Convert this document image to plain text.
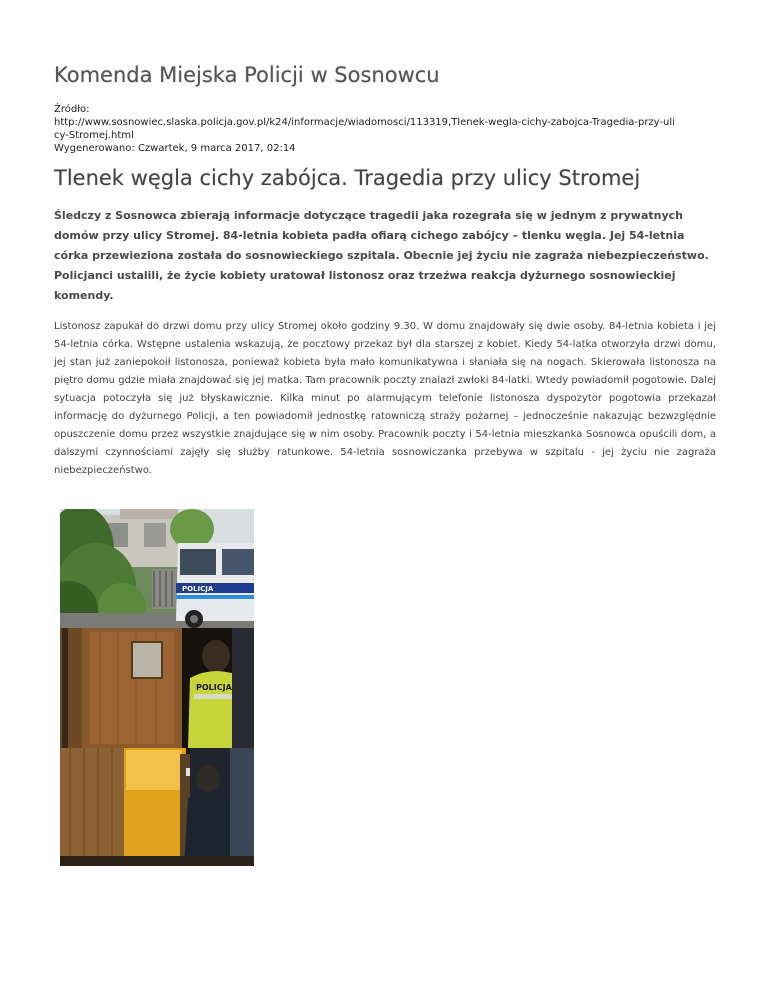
Komenda Miejska Policji w Sosnowcu
Źródło:
http://www.sosnowiec.slaska.policja.gov.pl/k24/informacje/wiadomosci/113319,Tlenek-wegla-cichy-zabojca-Tragedia-przy-uli
cy-Stromej.html
Wygenerowano: Czwartek, 9 marca 2017, 02:14
Tlenek węgla cichy zabójca. Tragedia przy ulicy Stromej

Śledczy z Sosnowca zbierają informacje dotyczące tragedii jaka rozegrała się w jednym z prywatnych domów przy ulicy Stromej. 84-letnia kobieta padła ofiarą cichego zabójcy – tlenku węgla. Jej 54-letnia córka przewieziona została do sosnowieckiego szpitala. Obecnie jej życiu nie zagraża niebezpieczeństwo. Policjanci ustalili, że życie kobiety uratował listonosz oraz trzeźwa reakcja dyżurnego sosnowieckiej komendy.

Listonosz zapukał do drzwi domu przy ulicy Stromej około godziny 9.30. W domu znajdowały się dwie osoby. 84-letnia kobieta i jej 54-letnia córka. Wstępne ustalenia wskazują, że pocztowy przekaz był dla starszej z kobiet. Kiedy 54-latka otworzyła drzwi domu, jej stan już zaniepokoił listonosza, ponieważ kobieta była mało komunikatywna i słaniała się na nogach. Skierowała listonosza na piętro domu gdzie miała znajdować się jej matka. Tam pracownik poczty znalazł zwłoki 84-latki. Wtedy powiadomił pogotowie. Dalej sytuacja potoczyła się już błyskawicznie. Kilka minut po alarmującym telefonie listonosza dyspozytor pogotowia przekazał informację do dyżurnego Policji, a ten powiadomił jednostkę ratowniczą straży pożarnej – jednocześnie nakazując bezwzględnie opuszczenie domu przez wszystkie znajdujące się w nim osoby. Pracownik poczty i 54-letnia mieszkanka Sosnowca opuścili dom, a dalszymi czynnościami zajęły się służby ratunkowe. 54-letnia sosnowiczanka przebywa w szpitalu - jej życiu nie zagraża niebezpieczeństwo.

POLICJA
POLICJA
